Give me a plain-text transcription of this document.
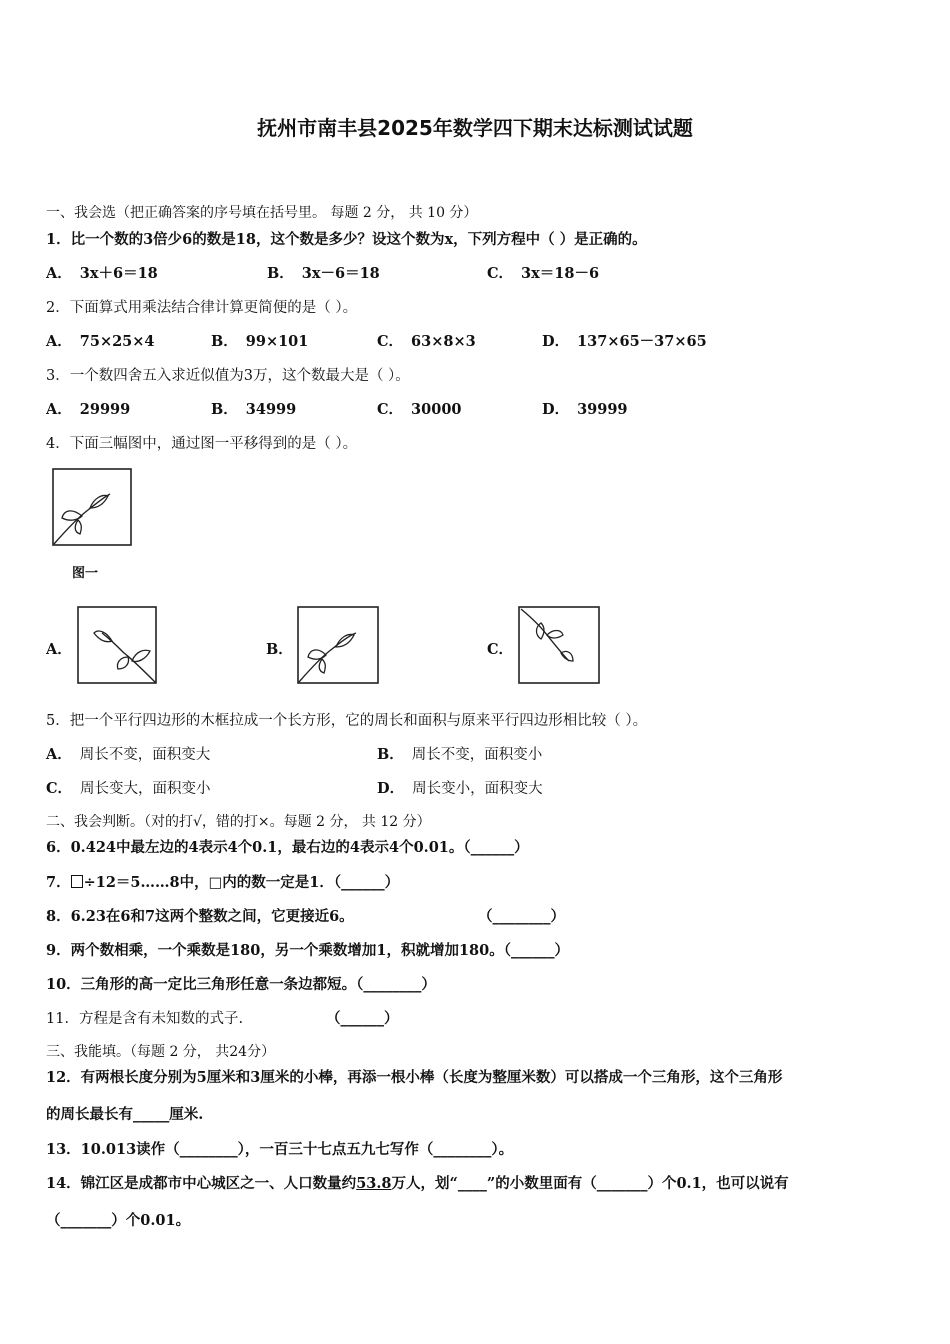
抚州市南丰县2025年数学四下期末达标测试试题
一、我会选（把正确答案的序号填在括号里。 每题 2 分， 共 10 分）
1．比一个数的3倍少6的数是18，这个数是多少？设这个数为x，下列方程中（ ）是正确的。
A． 3x＋6＝18	B． 3x－6＝18	C． 3x＝18－6
2．下面算式用乘法结合律计算更简便的是（ ）。
A． 75×25×4	B． 99×101	C． 63×8×3	D． 137×65－37×65
3．一个数四舍五入求近似值为3万，这个数最大是（ ）。
A． 29999	B． 34999	C． 30000	D． 39999
4．下面三幅图中，通过图一平移得到的是（ ）。
图一
A．	B．	C．
5．把一个平行四边形的木框拉成一个长方形，它的周长和面积与原来平行四边形相比较（ ）。
A． 周长不变，面积变大	B． 周长不变，面积变小
C． 周长变大，面积变小	D． 周长变小，面积变大
二、我会判断。（对的打√，错的打×。每题 2 分， 共 12 分）
6．0.424中最左边的4表示4个0.1，最右边的4表示4个0.01。（______）
7． ÷12＝5……8中，□内的数一定是1．（______）
8．6.23在6和7这两个整数之间，它更接近6。	（________）
9．两个数相乘，一个乘数是180，另一个乘数增加1，积就增加180。（______）
10．三角形的高一定比三角形任意一条边都短。（________）
11．方程是含有未知数的式子.	（______）
三、我能填。（每题 2 分， 共24分）
12．有两根长度分别为5厘米和3厘米的小棒，再添一根小棒（长度为整厘米数）可以搭成一个三角形，这个三角形
的周长最长有_____厘米.
13．10.013读作（________），一百三十七点五九七写作（________）。
14．锦江区是成都市中心城区之一、人口数量约53.8万人，划“____”的小数里面有（_______）个0.1，也可以说有
（_______）个0.01。
